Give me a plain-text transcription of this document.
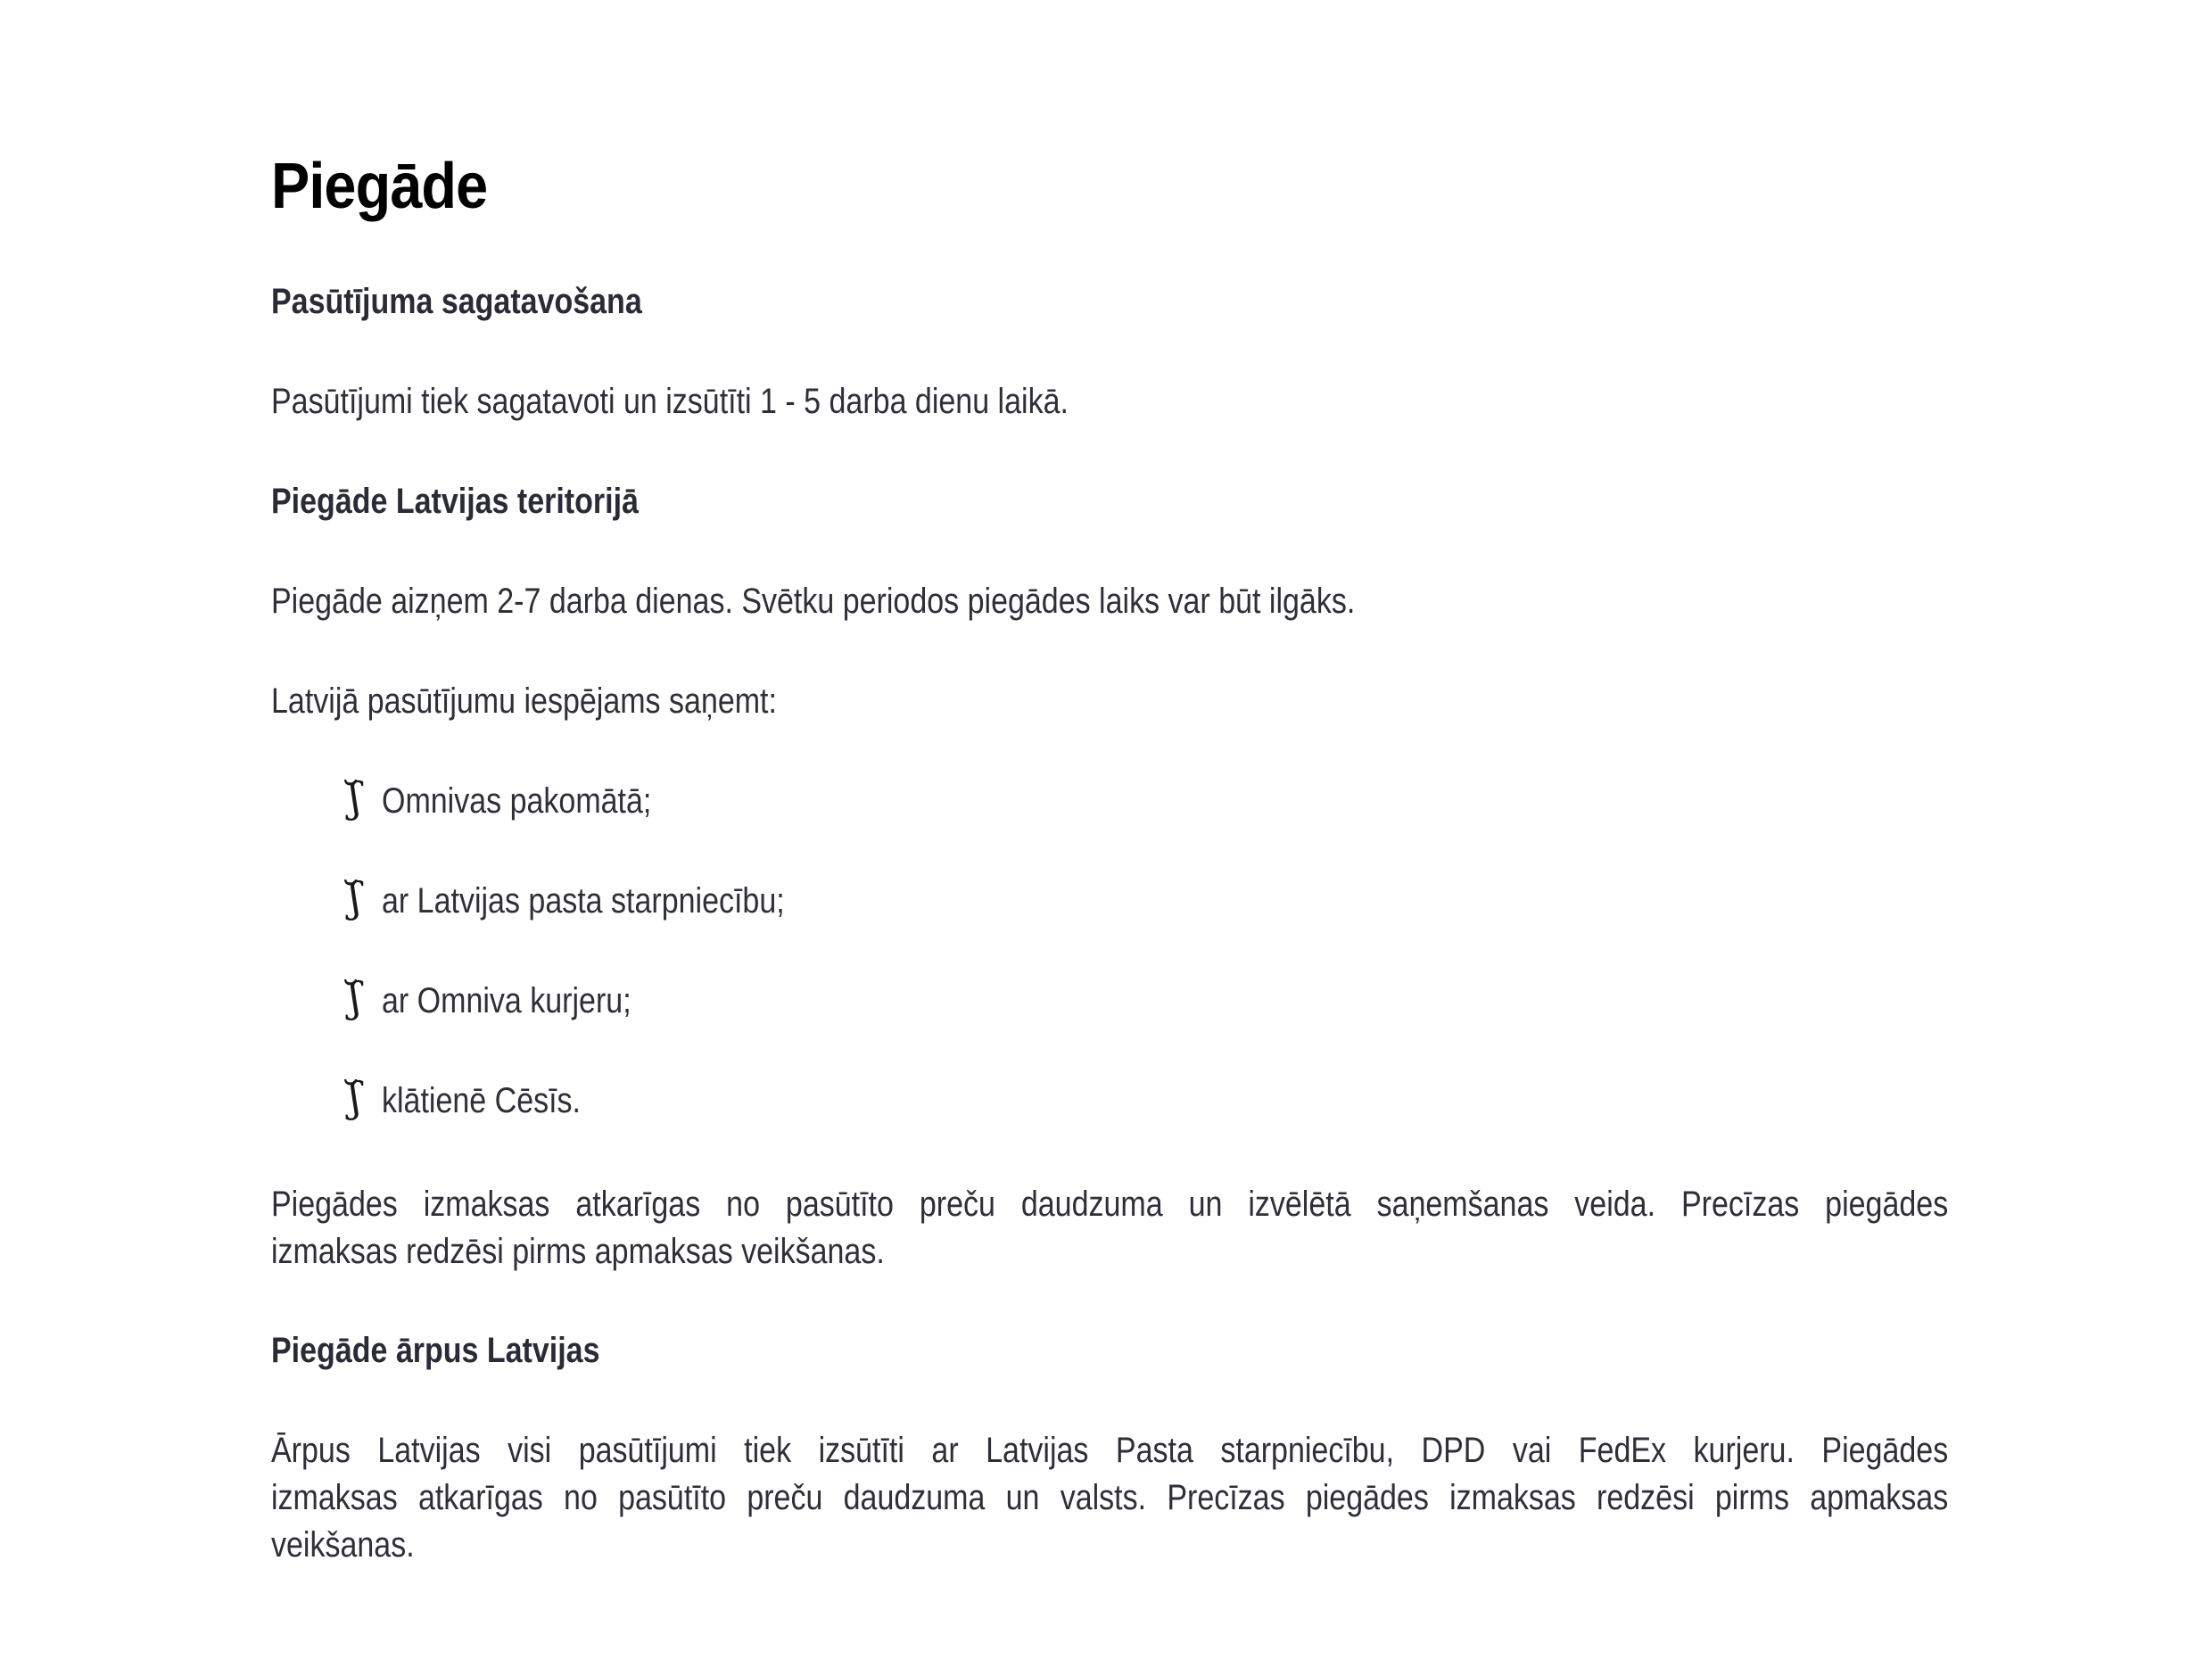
Piegāde
Pasūtījuma sagatavošana
Pasūtījumi tiek sagatavoti un izsūtīti 1 - 5 darba dienu laikā.
Piegāde Latvijas teritorijā
Piegāde aizņem 2-7 darba dienas. Svētku periodos piegādes laiks var būt ilgāks.
Latvijā pasūtījumu iespējams saņemt:
ʃ̆ Omnivas pakomātā;
ʃ̆ ar Latvijas pasta starpniecību;
ʃ̆ ar Omniva kurjeru;
ʃ̆ klātienē Cēsīs.
Piegādes izmaksas atkarīgas no pasūtīto preču daudzuma un izvēlētā saņemšanas veida. Precīzas piegādes
izmaksas redzēsi pirms apmaksas veikšanas.
Piegāde ārpus Latvijas
Ārpus Latvijas visi pasūtījumi tiek izsūtīti ar Latvijas Pasta starpniecību, DPD vai FedEx kurjeru. Piegādes
izmaksas atkarīgas no pasūtīto preču daudzuma un valsts. Precīzas piegādes izmaksas redzēsi pirms apmaksas
veikšanas.
